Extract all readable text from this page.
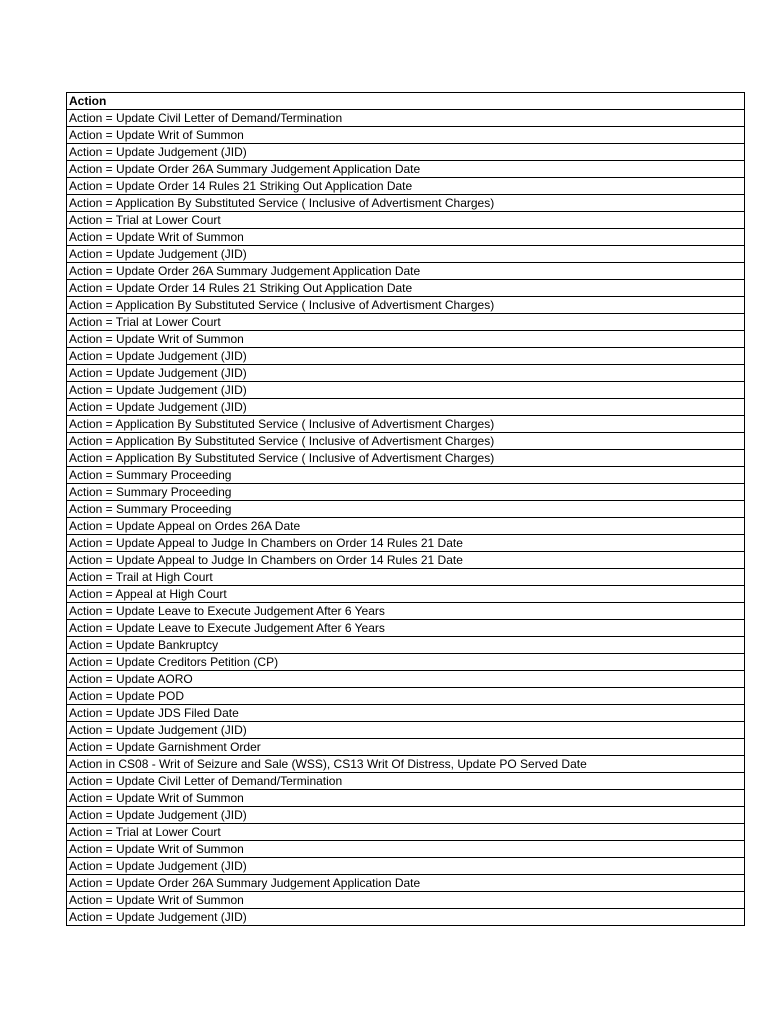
Action
Action = Update Civil Letter of Demand/Termination
Action = Update Writ of Summon
Action = Update Judgement (JID)
Action = Update Order 26A Summary Judgement Application Date
Action = Update Order 14 Rules 21 Striking Out Application Date
Action = Application By Substituted Service ( Inclusive of Advertisment Charges)
Action = Trial at Lower Court
Action = Update Writ of Summon
Action = Update Judgement (JID)
Action = Update Order 26A Summary Judgement Application Date
Action = Update Order 14 Rules 21 Striking Out Application Date
Action = Application By Substituted Service ( Inclusive of Advertisment Charges)
Action = Trial at Lower Court
Action = Update Writ of Summon
Action = Update Judgement (JID)
Action = Update Judgement (JID)
Action = Update Judgement (JID)
Action = Update Judgement (JID)
Action = Application By Substituted Service ( Inclusive of Advertisment Charges)
Action = Application By Substituted Service ( Inclusive of Advertisment Charges)
Action = Application By Substituted Service ( Inclusive of Advertisment Charges)
Action = Summary Proceeding
Action = Summary Proceeding
Action = Summary Proceeding
Action = Update Appeal on Ordes 26A Date
Action = Update Appeal to Judge In Chambers on Order 14 Rules 21 Date
Action = Update Appeal to Judge In Chambers on Order 14 Rules 21 Date
Action = Trail at High Court
Action = Appeal at High Court
Action = Update Leave to Execute Judgement After 6 Years
Action = Update Leave to Execute Judgement After 6 Years
Action = Update Bankruptcy
Action = Update Creditors Petition (CP)
Action = Update AORO
Action = Update POD
Action = Update JDS Filed Date
Action = Update Judgement (JID)
Action = Update Garnishment Order
Action in CS08 - Writ of Seizure and Sale (WSS), CS13 Writ Of Distress, Update PO Served Date
Action = Update Civil Letter of Demand/Termination
Action = Update Writ of Summon
Action = Update Judgement (JID)
Action = Trial at Lower Court
Action = Update Writ of Summon
Action = Update Judgement (JID)
Action = Update Order 26A Summary Judgement Application Date
Action = Update Writ of Summon
Action = Update Judgement (JID)
